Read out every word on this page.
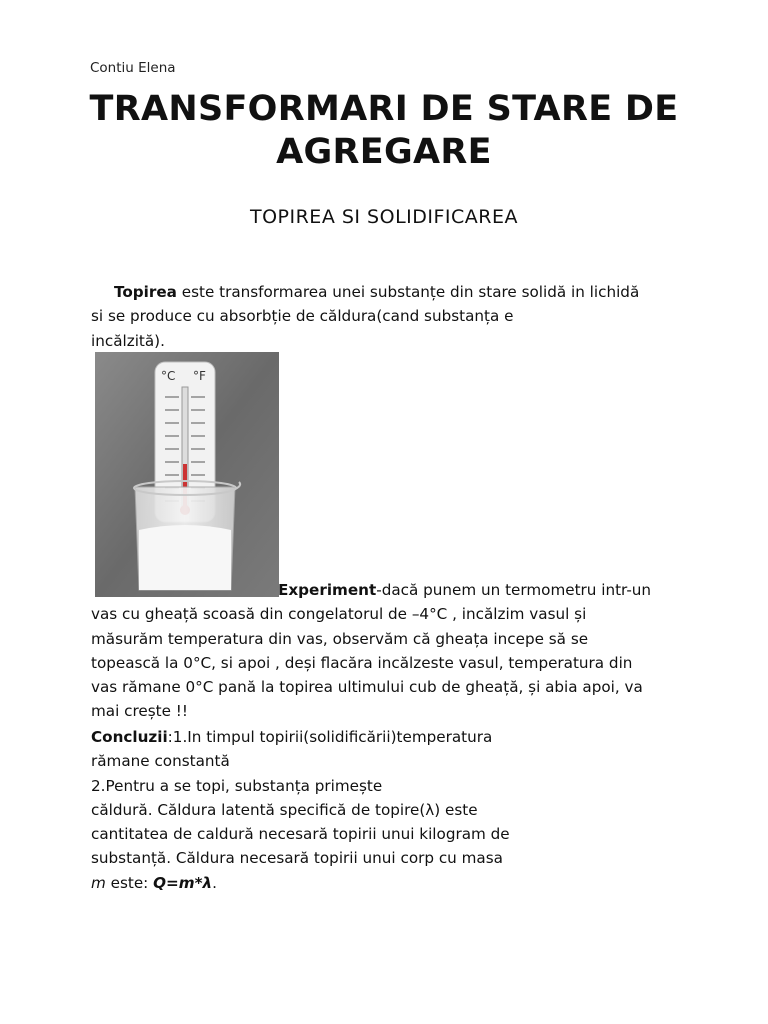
Contiu Elena
TRANSFORMARI DE STARE DE
AGREGARE
TOPIREA SI SOLIDIFICAREA
Topirea este transformarea unei substanțe din stare solidă in lichidă
si se produce cu absorbție de căldura(cand substanța e
incălzită).
°C °F
Experiment-dacă punem un termometru intr-un
vas cu gheață scoasă din congelatorul de –4°C , incălzim vasul și
măsurăm temperatura din vas, observăm că gheața incepe să se
topească la 0°C, si apoi , deși flacăra incălzeste vasul, temperatura din
vas rămane 0°C pană la topirea ultimului cub de gheață, și abia apoi, va
mai crește !!
Concluzii:1.In timpul topirii(solidificării)temperatura
rămane constantă
2.Pentru a se topi, substanța primește
căldură. Căldura latentă specifică de topire(λ) este
cantitatea de caldură necesară topirii unui kilogram de
substanță. Căldura necesară topirii unui corp cu masa
m este: Q=m*λ.
